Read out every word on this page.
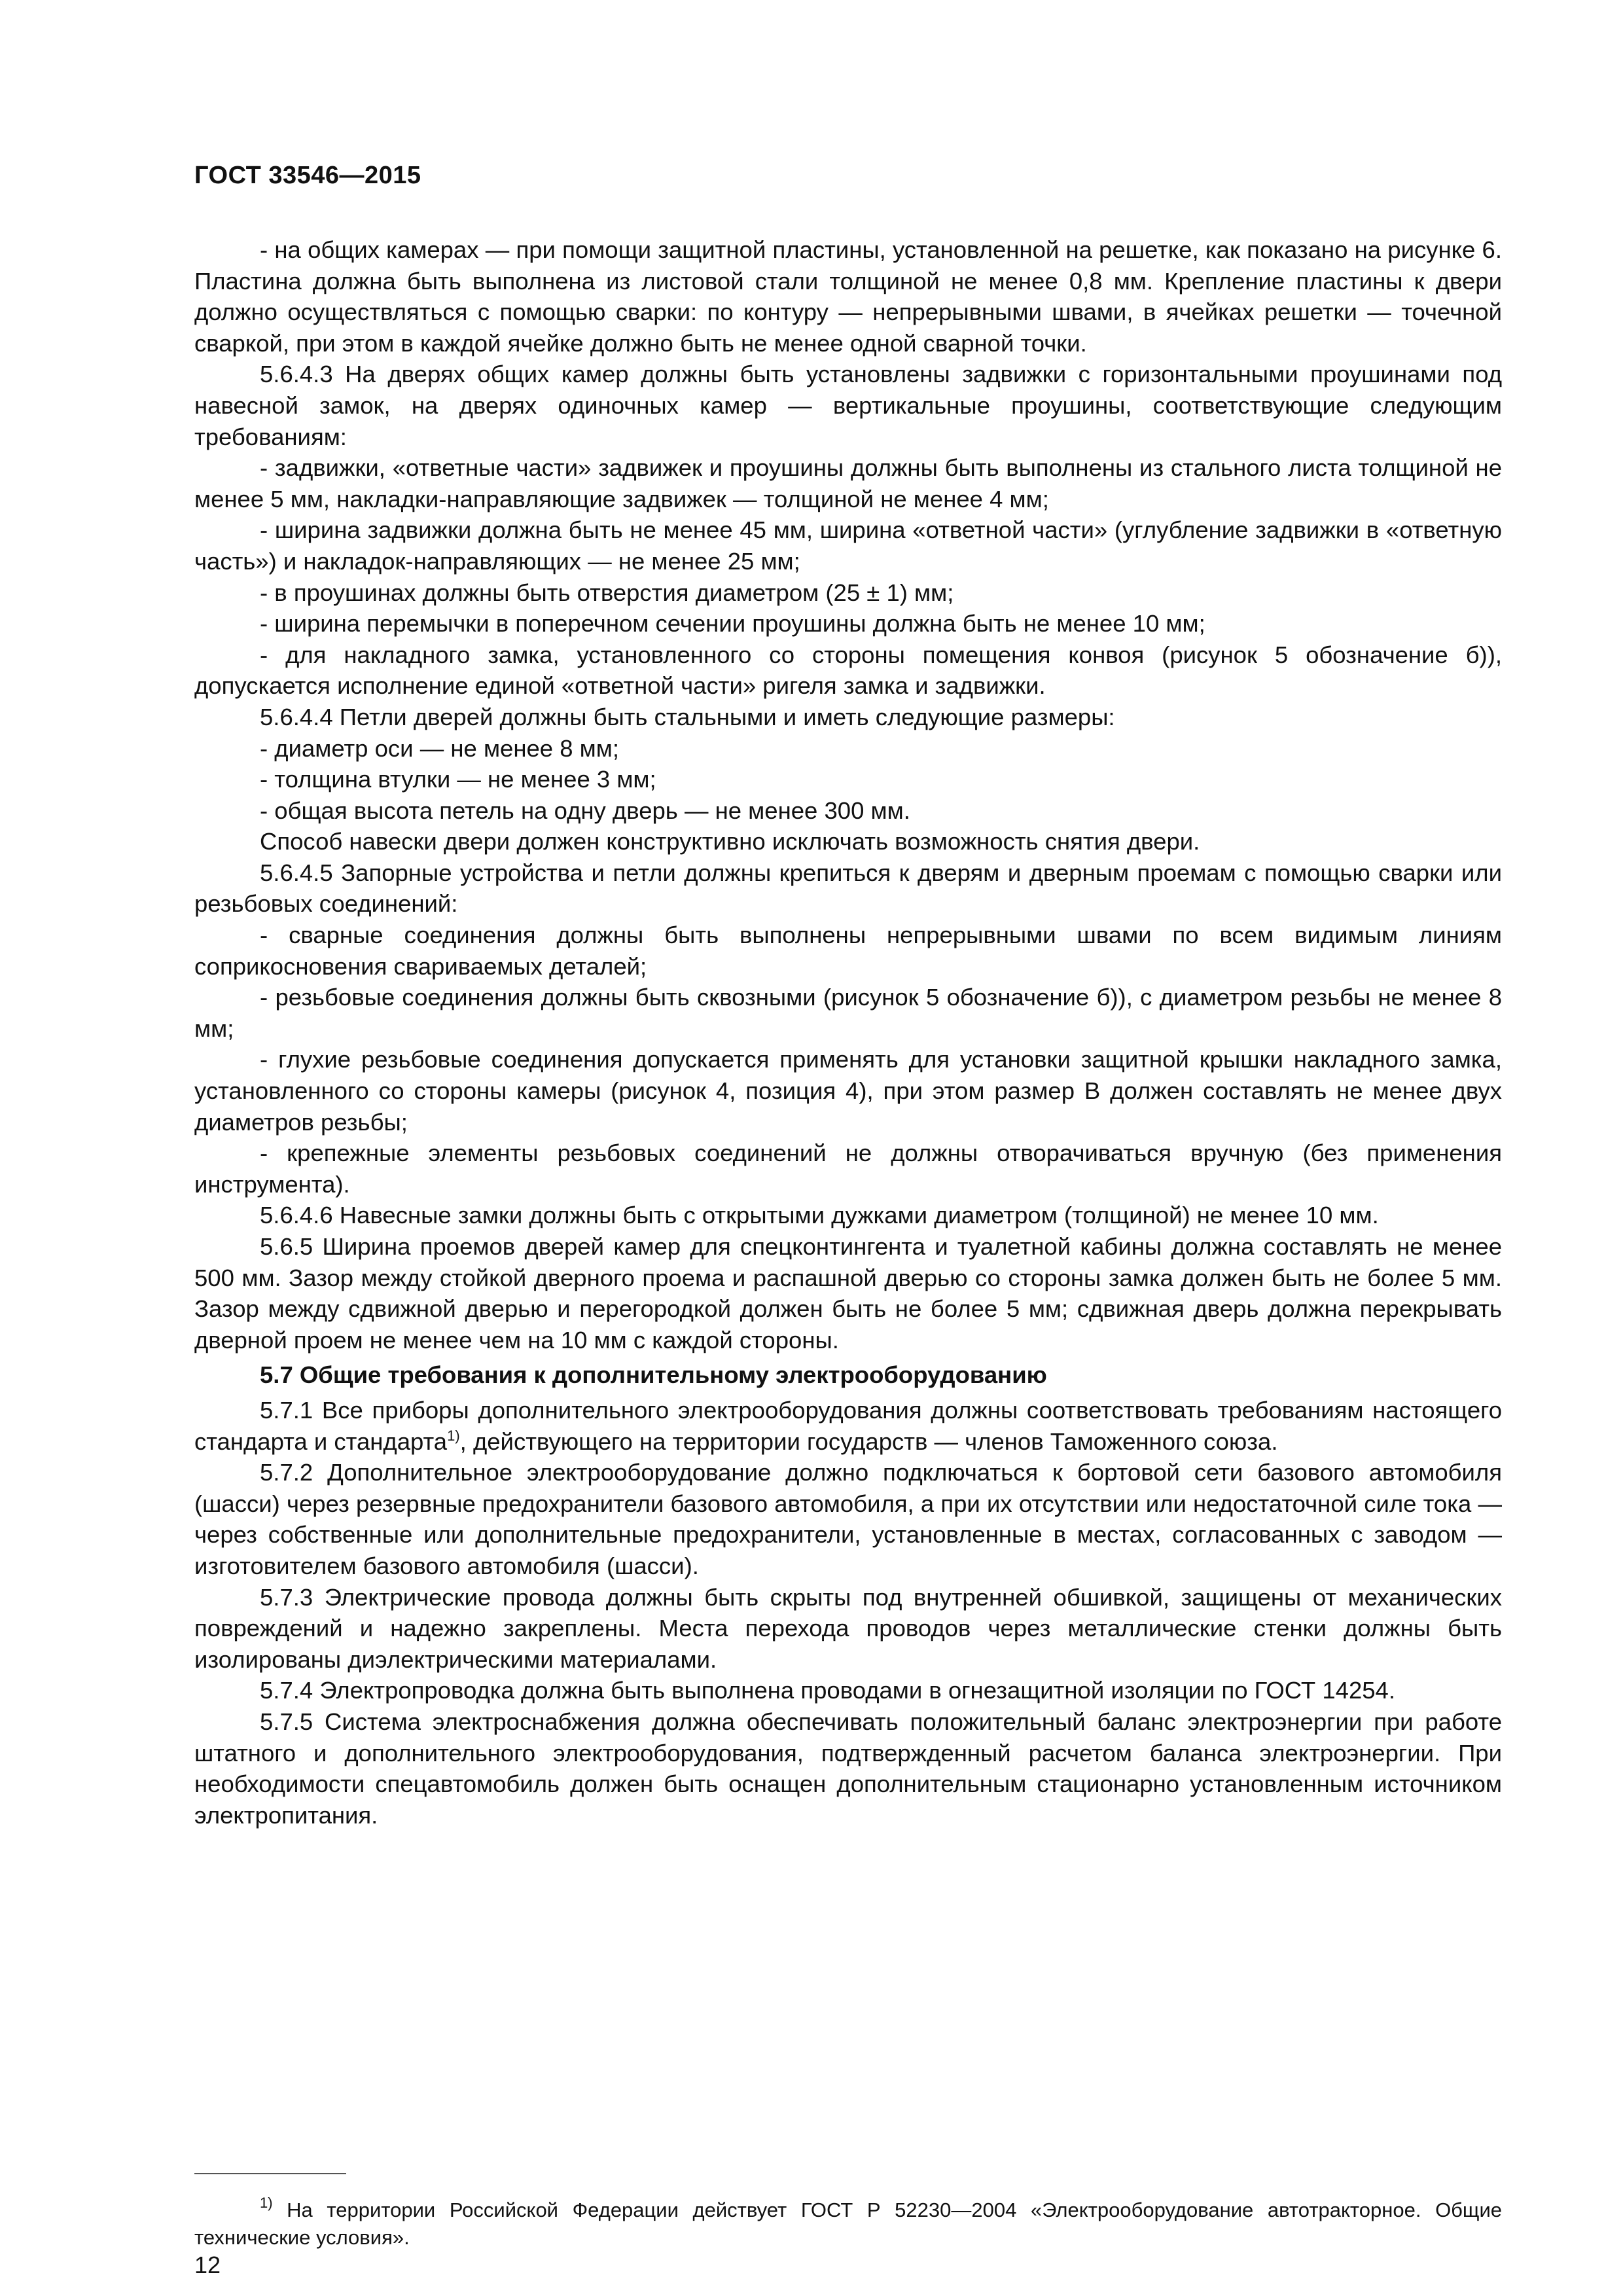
ГОСТ 33546—2015

- на общих камерах — при помощи защитной пластины, установленной на решетке, как показано на рисунке 6. Пластина должна быть выполнена из листовой стали толщиной не менее 0,8 мм. Крепление пластины к двери должно осуществляться с помощью сварки: по контуру — непрерывными швами, в ячейках решетки — точечной сваркой, при этом в каждой ячейке должно быть не менее одной сварной точки.

5.6.4.3 На дверях общих камер должны быть установлены задвижки с горизонтальными проушинами под навесной замок, на дверях одиночных камер — вертикальные проушины, соответствующие следующим требованиям:

- задвижки, «ответные части» задвижек и проушины должны быть выполнены из стального листа толщиной не менее 5 мм, накладки-направляющие задвижек — толщиной не менее 4 мм;

- ширина задвижки должна быть не менее 45 мм, ширина «ответной части» (углубление задвижки в «ответную часть») и накладок-направляющих — не менее 25 мм;

- в проушинах должны быть отверстия диаметром (25 ± 1) мм;

- ширина перемычки в поперечном сечении проушины должна быть не менее 10 мм;

- для накладного замка, установленного со стороны помещения конвоя (рисунок 5 обозначение б)), допускается исполнение единой «ответной части» ригеля замка и задвижки.

5.6.4.4 Петли дверей должны быть стальными и иметь следующие размеры:

- диаметр оси — не менее 8 мм;

- толщина втулки — не менее 3 мм;

- общая высота петель на одну дверь — не менее 300 мм.

Способ навески двери должен конструктивно исключать возможность снятия двери.

5.6.4.5 Запорные устройства и петли должны крепиться к дверям и дверным проемам с помощью сварки или резьбовых соединений:

- сварные соединения должны быть выполнены непрерывными швами по всем видимым линиям соприкосновения свариваемых деталей;

- резьбовые соединения должны быть сквозными (рисунок 5 обозначение б)), с диаметром резьбы не менее 8 мм;

- глухие резьбовые соединения допускается применять для установки защитной крышки накладного замка, установленного со стороны камеры (рисунок 4, позиция 4), при этом размер В должен составлять не менее двух диаметров резьбы;

- крепежные элементы резьбовых соединений не должны отворачиваться вручную (без применения инструмента).

5.6.4.6 Навесные замки должны быть с открытыми дужками диаметром (толщиной) не менее 10 мм.

5.6.5 Ширина проемов дверей камер для спецконтингента и туалетной кабины должна составлять не менее 500 мм. Зазор между стойкой дверного проема и распашной дверью со стороны замка должен быть не более 5 мм. Зазор между сдвижной дверью и перегородкой должен быть не более 5 мм; сдвижная дверь должна перекрывать дверной проем не менее чем на 10 мм с каждой стороны.

5.7 Общие требования к дополнительному электрооборудованию

5.7.1 Все приборы дополнительного электрооборудования должны соответствовать требованиям настоящего стандарта и стандарта$^{1)}$, действующего на территории государств — членов Таможенного союза.

5.7.2 Дополнительное электрооборудование должно подключаться к бортовой сети базового автомобиля (шасси) через резервные предохранители базового автомобиля, а при их отсутствии или недостаточной силе тока — через собственные или дополнительные предохранители, установленные в местах, согласованных с заводом — изготовителем базового автомобиля (шасси).

5.7.3 Электрические провода должны быть скрыты под внутренней обшивкой, защищены от механических повреждений и надежно закреплены. Места перехода проводов через металлические стенки должны быть изолированы диэлектрическими материалами.

5.7.4 Электропроводка должна быть выполнена проводами в огнезащитной изоляции по ГОСТ 14254.

5.7.5 Система электроснабжения должна обеспечивать положительный баланс электроэнергии при работе штатного и дополнительного электрооборудования, подтвержденный расчетом баланса электроэнергии. При необходимости спецавтомобиль должен быть оснащен дополнительным стационарно установленным источником электропитания.

$^{1)}$ На территории Российской Федерации действует ГОСТ Р 52230—2004 «Электрооборудование автотракторное. Общие технические условия».

12
